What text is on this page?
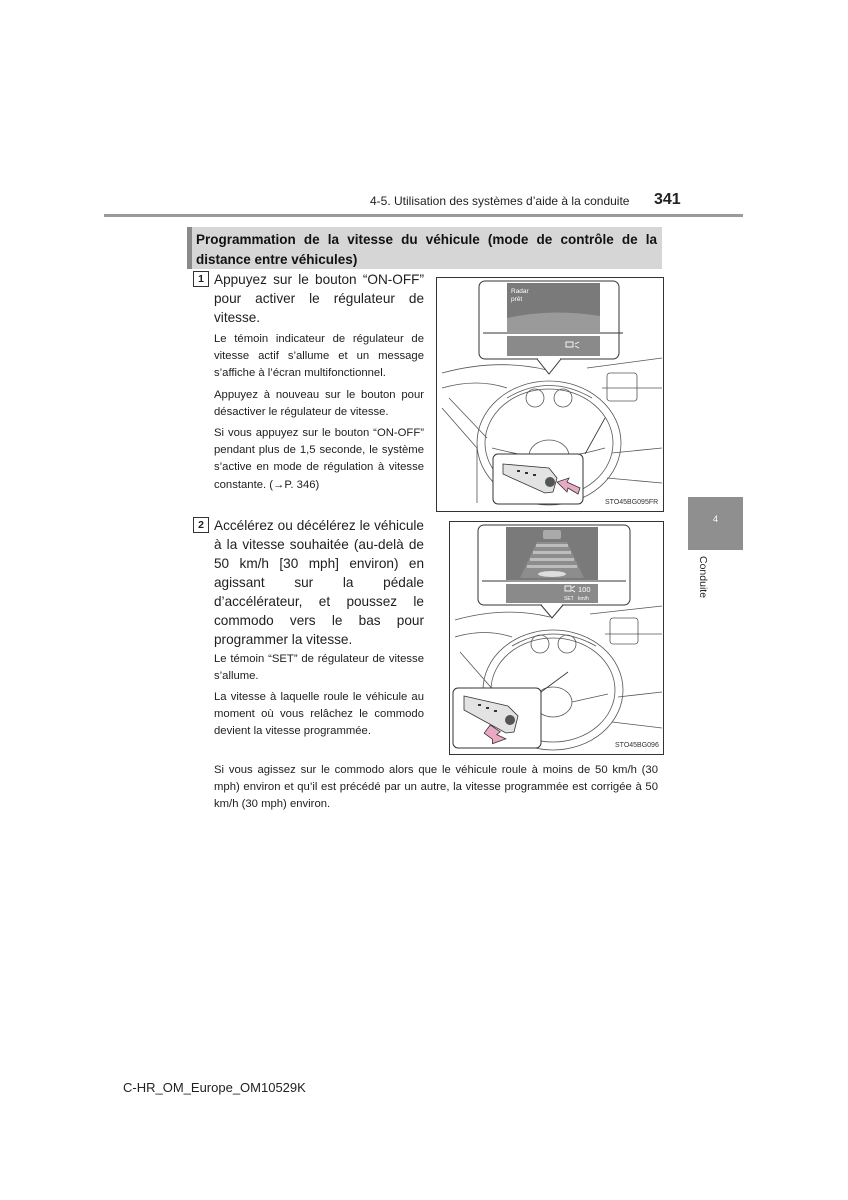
4-5. Utilisation des systèmes d’aide à la conduite 341
Programmation de la vitesse du véhicule (mode de contrôle de la distance entre véhicules)
1 Appuyez sur le bouton “ON-OFF” pour activer le régulateur de vitesse.
Le témoin indicateur de régulateur de vitesse actif s’allume et un message s’affiche à l’écran multifonctionnel.
Appuyez à nouveau sur le bouton pour désactiver le régulateur de vitesse.
Si vous appuyez sur le bouton “ON-OFF” pendant plus de 1,5 seconde, le système s’active en mode de régulation à vitesse constante. (→P. 346)
Radar
prêt
STO45BG095FR
2 Accélérez ou décélérez le véhicule à la vitesse souhaitée (au-delà de 50 km/h [30 mph] environ) en agissant sur la pédale d’accélérateur, et poussez le commodo vers le bas pour programmer la vitesse.
Le témoin “SET” de régulateur de vitesse s’allume.
La vitesse à laquelle roule le véhicule au moment où vous relâchez le commodo devient la vitesse programmée.
100
SET km/h
STO45BG096
Si vous agissez sur le commodo alors que le véhicule roule à moins de 50 km/h (30 mph) environ et qu’il est précédé par un autre, la vitesse programmée est corrigée à 50 km/h (30 mph) environ.
4
Conduite
C-HR_OM_Europe_OM10529K
